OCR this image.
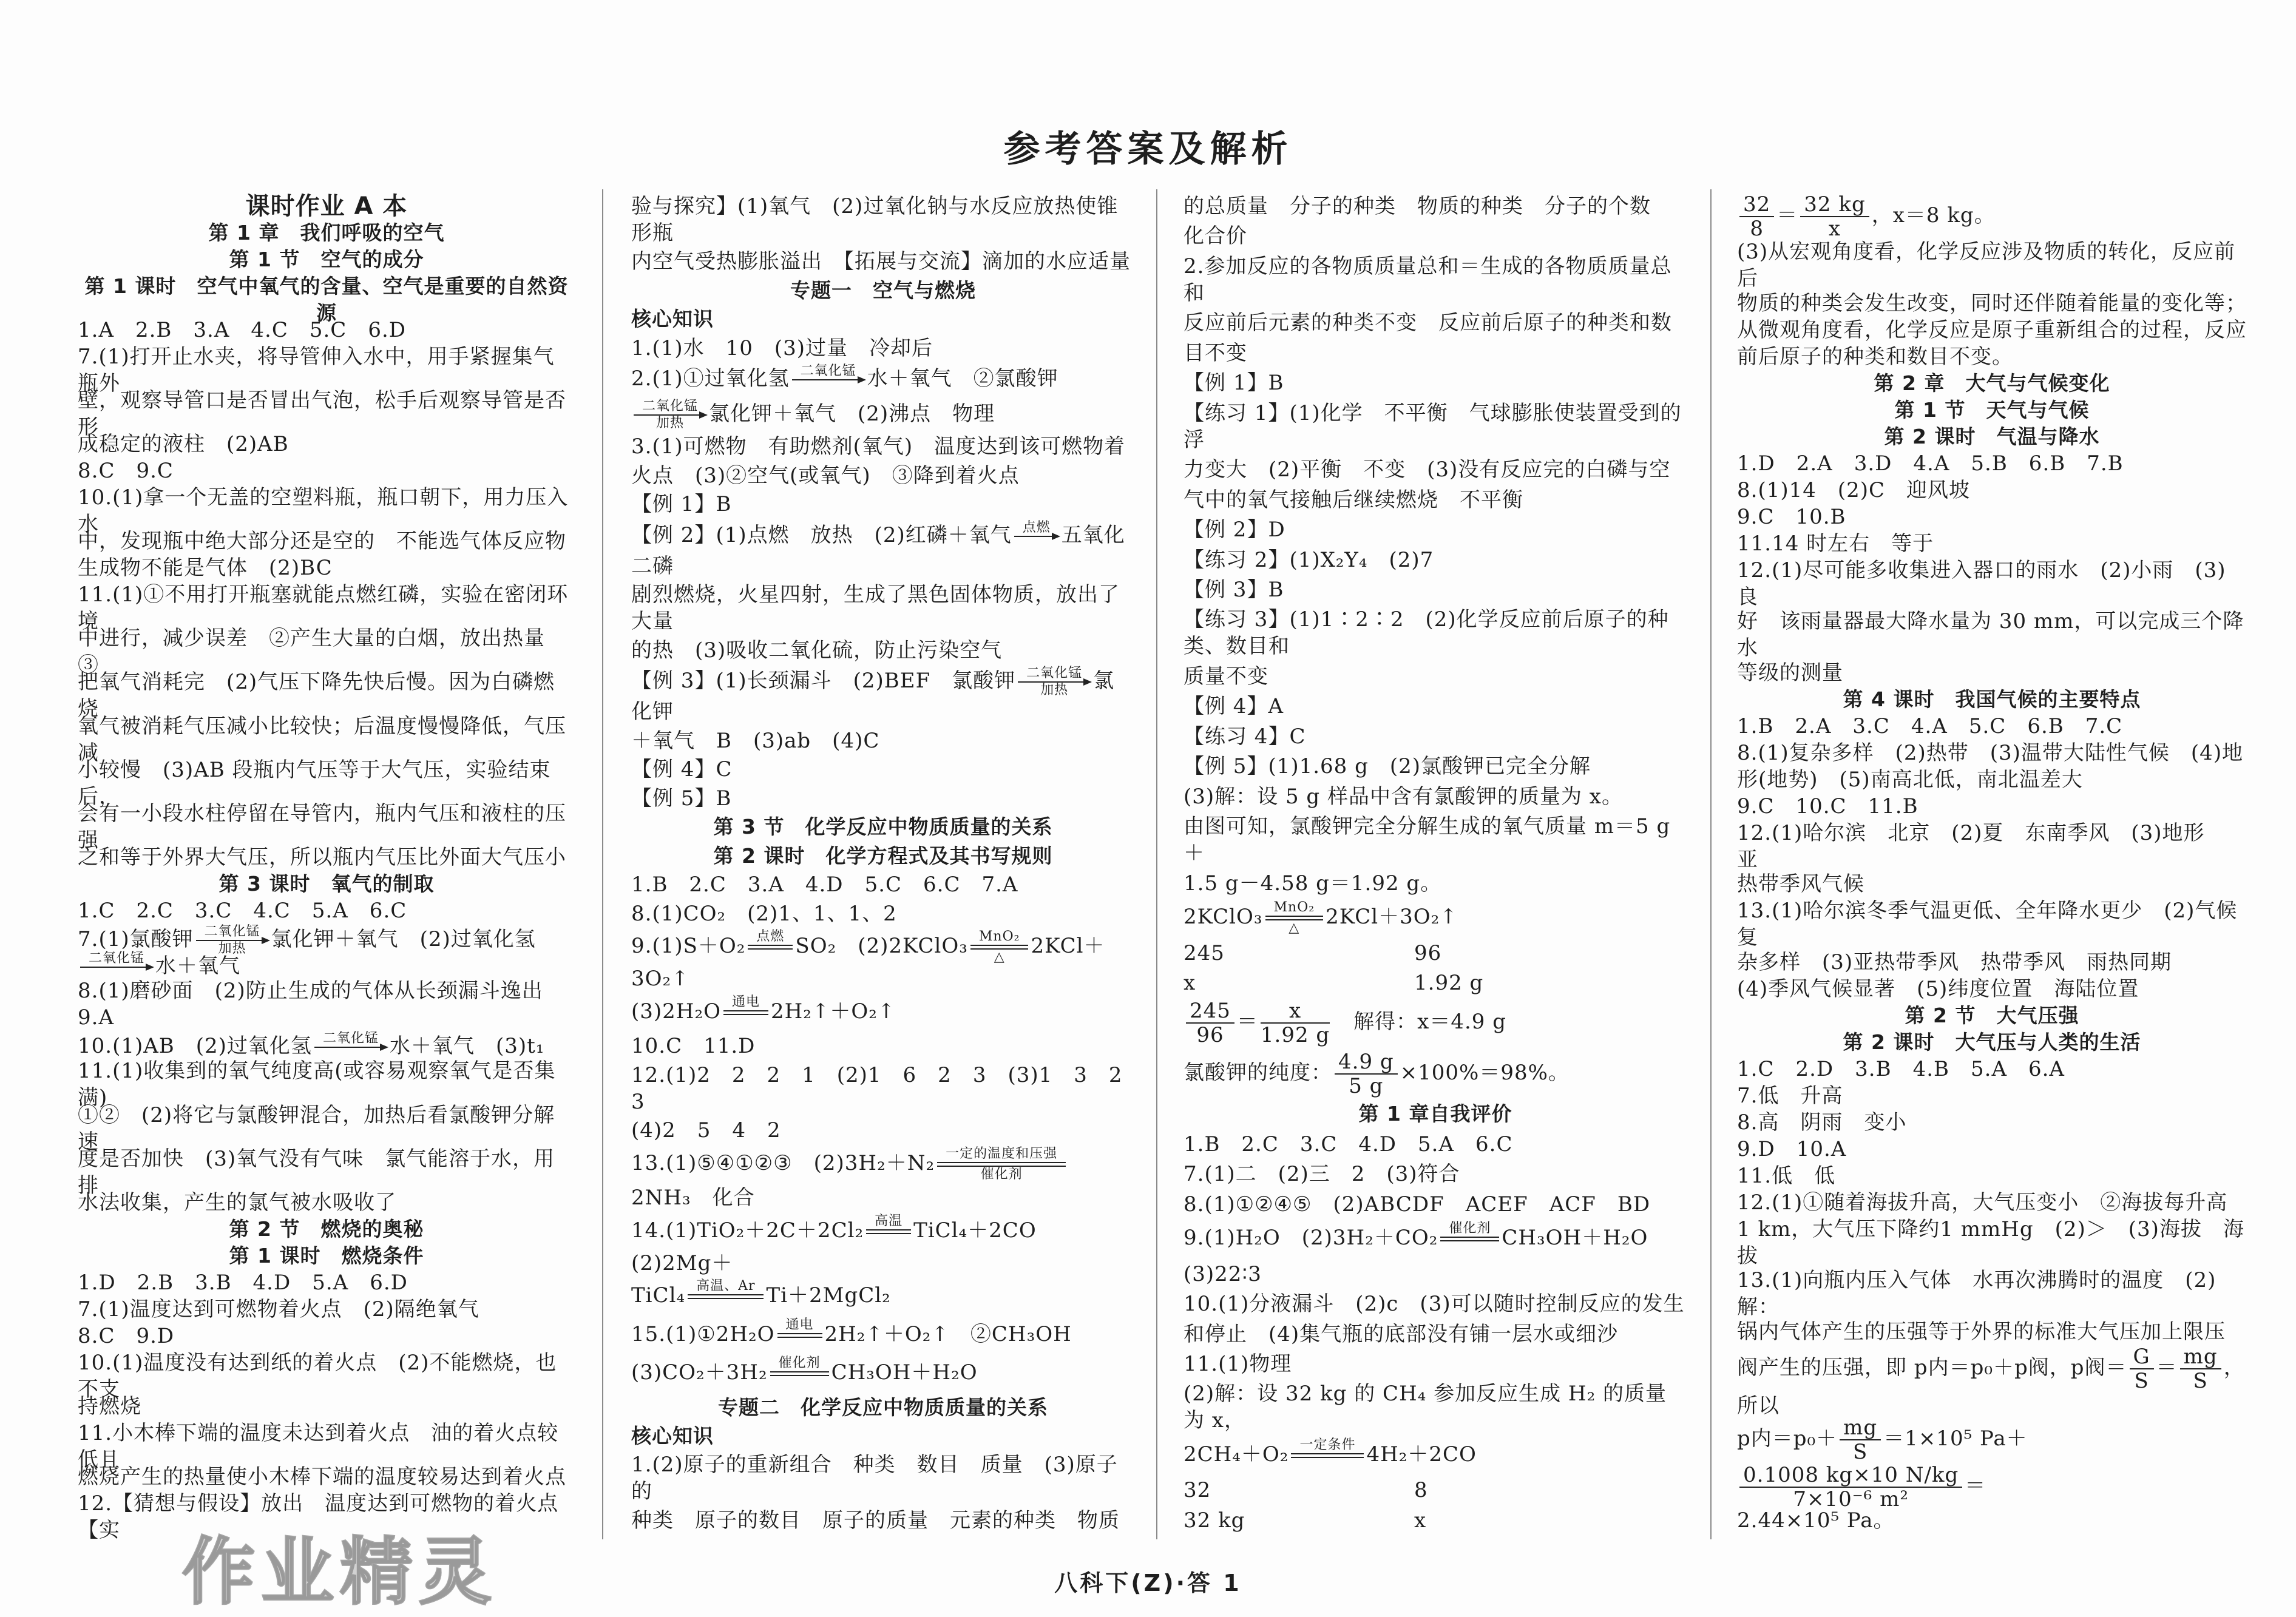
参考答案及解析
课时作业 A 本
第 1 章　我们呼吸的空气
第 1 节　空气的成分
第 1 课时　空气中氧气的含量、空气是重要的自然资源
1.A　2.B　3.A　4.C　5.C　6.D
7.(1)打开止水夹，将导管伸入水中，用手紧握集气瓶外
壁，观察导管口是否冒出气泡，松手后观察导管是否形
成稳定的液柱　(2)AB
8.C　9.C
10.(1)拿一个无盖的空塑料瓶，瓶口朝下，用力压入水
中，发现瓶中绝大部分还是空的　不能选气体反应物
生成物不能是气体　(2)BC
11.(1)①不用打开瓶塞就能点燃红磷，实验在密闭环境
中进行，减少误差　②产生大量的白烟，放出热量　③
把氧气消耗完　(2)气压下降先快后慢。因为白磷燃烧
氧气被消耗气压减小比较快；后温度慢慢降低，气压减
小较慢　(3)AB 段瓶内气压等于大气压，实验结束后，
会有一小段水柱停留在导管内，瓶内气压和液柱的压强
之和等于外界大气压，所以瓶内气压比外面大气压小
第 3 课时　氧气的制取
1.C　2.C　3.C　4.C　5.A　6.C
7.(1)氯酸钾 二氧化锰
加热	氯化钾＋氧气　(2)过氧化氢
二氧化锰 水＋氧气
8.(1)磨砂面　(2)防止生成的气体从长颈漏斗逸出
9.A
10.(1)AB　(2)过氧化氢 二氧化锰 水＋氧气　(3)t₁
11.(1)收集到的氧气纯度高(或容易观察氧气是否集满)
①②　(2)将它与氯酸钾混合，加热后看氯酸钾分解速
度是否加快　(3)氧气没有气味　氯气能溶于水，用排
水法收集，产生的氯气被水吸收了
第 2 节　燃烧的奥秘
第 1 课时　燃烧条件
1.D　2.B　3.B　4.D　5.A　6.D
7.(1)温度达到可燃物着火点　(2)隔绝氧气
8.C　9.D
10.(1)温度没有达到纸的着火点　(2)不能燃烧，也不支
持燃烧
11.小木棒下端的温度未达到着火点　油的着火点较低且
燃烧产生的热量使小木棒下端的温度较易达到着火点
12.【猜想与假设】放出　温度达到可燃物的着火点　【实
验与探究】(1)氧气　(2)过氧化钠与水反应放热使锥形瓶
内空气受热膨胀溢出　【拓展与交流】滴加的水应适量
专题一　空气与燃烧
核心知识
1.(1)水　10　(3)过量　冷却后
2.(1)①过氧化氢 二氧化锰 水＋氧气　②氯酸钾
二氧化锰
加热	氯化钾＋氧气　(2)沸点　物理
3.(1)可燃物　有助燃剂(氧气)　温度达到该可燃物着
火点　(3)②空气(或氧气)　③降到着火点
【例 1】B
【例 2】(1)点燃　放热　(2)红磷＋氧气 点燃 五氧化二磷
剧烈燃烧，火星四射，生成了黑色固体物质，放出了大量
的热　(3)吸收二氧化硫，防止污染空气
【例 3】(1)长颈漏斗　(2)BEF　氯酸钾 二氧化锰
加热	氯化钾
＋氧气　B　(3)ab　(4)C
【例 4】C
【例 5】B
第 3 节　化学反应中物质质量的关系
第 2 课时　化学方程式及其书写规则
1.B　2.C　3.A　4.D　5.C　6.C　7.A
8.(1)CO₂　(2)1、1、1、2
9.(1)S＋O₂ 点燃 SO₂　(2)2KClO₃ MnO₂
△	2KCl＋3O₂↑
(3)2H₂O 通电 2H₂↑＋O₂↑
10.C　11.D
12.(1)2　2　2　1　(2)1　6　2　3　(3)1　3　2　3
(4)2　5　4　2
13.(1)⑤④①②③　(2)3H₂＋N₂ 一定的温度和压强
催化剂
2NH₃　化合
14.(1)TiO₂＋2C＋2Cl₂ 高温 TiCl₄＋2CO　(2)2Mg＋
TiCl₄ 高温、Ar Ti＋2MgCl₂
15.(1)①2H₂O 通电 2H₂↑＋O₂↑　②CH₃OH
(3)CO₂＋3H₂ 催化剂 CH₃OH＋H₂O
专题二　化学反应中物质质量的关系
核心知识
1.(2)原子的重新组合　种类　数目　质量　(3)原子的
种类　原子的数目　原子的质量　元素的种类　物质
的总质量　分子的种类　物质的种类　分子的个数
化合价
2.参加反应的各物质质量总和＝生成的各物质质量总和
反应前后元素的种类不变　反应前后原子的种类和数
目不变
【例 1】B
【练习 1】(1)化学　不平衡　气球膨胀使装置受到的浮
力变大　(2)平衡　不变　(3)没有反应完的白磷与空
气中的氧气接触后继续燃烧　不平衡
【例 2】D
【练习 2】(1)X₂Y₄　(2)7
【例 3】B
【练习 3】(1)1∶2∶2　(2)化学反应前后原子的种类、数目和
质量不变
【例 4】A
【练习 4】C
【例 5】(1)1.68 g　(2)氯酸钾已完全分解
(3)解：设 5 g 样品中含有氯酸钾的质量为 x。
由图可知，氯酸钾完全分解生成的氧气质量 m＝5 g＋
1.5 g－4.58 g＝1.92 g。
2KClO₃ MnO₂
△	2KCl＋3O₂↑
245	96
x	1.92 g
$\frac{245}{96} = \frac{x}{1.92 g}$ 　解得：x＝4.9 g
氯酸钾的纯度： $\frac{4.9 g}{5 g} \times 100\%=98\%$。
第 1 章自我评价
1.B　2.C　3.C　4.D　5.A　6.C
7.(1)二　(2)三　2　(3)符合
8.(1)①②④⑤　(2)ABCDF　ACEF　ACF　BD
9.(1)H₂O　(2)3H₂＋CO₂ 催化剂 CH₃OH＋H₂O
(3)22∶3
10.(1)分液漏斗　(2)c　(3)可以随时控制反应的发生
和停止　(4)集气瓶的底部没有铺一层水或细沙
11.(1)物理
(2)解：设 32 kg 的 CH₄ 参加反应生成 H₂ 的质量为 x，
2CH₄＋O₂ 一定条件 4H₂＋2CO
32	8
32 kg	x
$\frac{32}{8} = \frac{32 kg}{x}$ ，x＝8 kg。
(3)从宏观角度看，化学反应涉及物质的转化，反应前后
物质的种类会发生改变，同时还伴随着能量的变化等；
从微观角度看，化学反应是原子重新组合的过程，反应
前后原子的种类和数目不变。
第 2 章　大气与气候变化
第 1 节　天气与气候
第 2 课时　气温与降水
1.D　2.A　3.D　4.A　5.B　6.B　7.B
8.(1)14　(2)C　迎风坡
9.C　10.B
11.14 时左右　等于
12.(1)尽可能多收集进入器口的雨水　(2)小雨　(3)良
好　该雨量器最大降水量为 30 mm，可以完成三个降水
等级的测量
第 4 课时　我国气候的主要特点
1.B　2.A　3.C　4.A　5.C　6.B　7.C
8.(1)复杂多样　(2)热带　(3)温带大陆性气候　(4)地
形(地势)　(5)南高北低，南北温差大
9.C　10.C　11.B
12.(1)哈尔滨　北京　(2)夏　东南季风　(3)地形　亚
热带季风气候
13.(1)哈尔滨冬季气温更低、全年降水更少　(2)气候复
杂多样　(3)亚热带季风　热带季风　雨热同期
(4)季风气候显著　(5)纬度位置　海陆位置
第 2 节　大气压强
第 2 课时　大气压与人类的生活
1.C　2.D　3.B　4.B　5.A　6.A
7.低　升高
8.高　阴雨　变小
9.D　10.A
11.低　低
12.(1)①随着海拔升高，大气压变小　②海拔每升高
1 km，大气压下降约1 mmHg　(2)＞　(3)海拔　海拔
13.(1)向瓶内压入气体　水再次沸腾时的温度　(2)解：
锅内气体产生的压强等于外界的标准大气压加上限压
阀产生的压强，即 p内＝p₀＋p阀，p阀＝ $\frac{G}{S} = \frac{mg}{S}$ ，所以
p内$=p_0+ \frac{mg}{S} =1\times 10^5$ Pa＋
$\frac{0.1008 kg\times 10 N/kg}{\text{7×10⁻⁶ m²}}$ ＝
2.44×10⁵ Pa。
作业精灵	八科下(Z)·答 1
